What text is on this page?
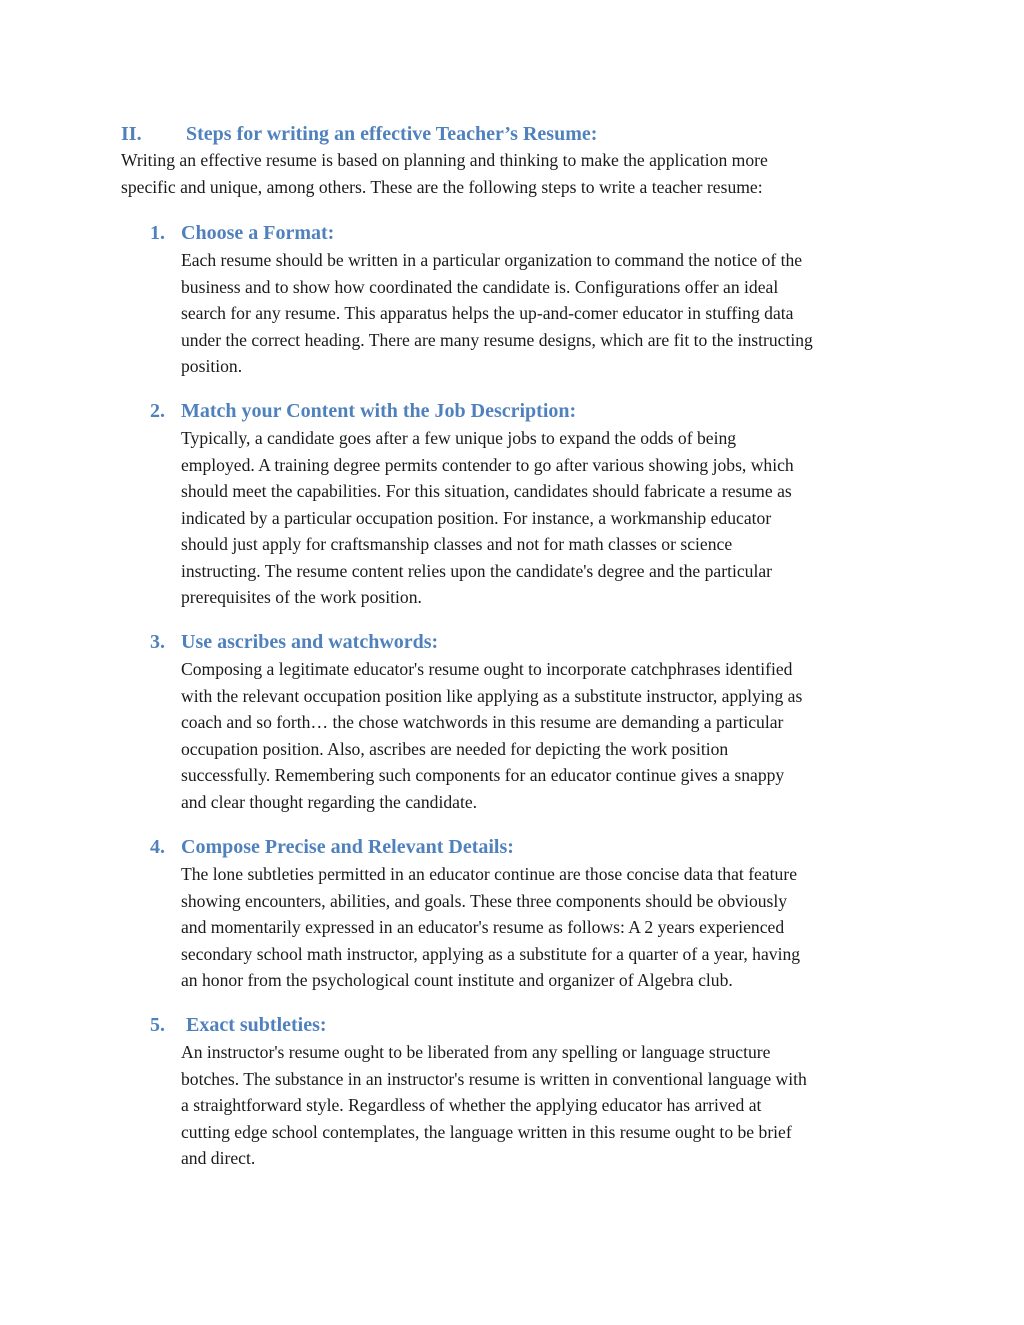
II. Steps for writing an effective Teacher’s Resume:

Writing an effective resume is based on planning and thinking to make the application more

specific and unique, among others. These are the following steps to write a teacher resume:

1. Choose a Format:

Each resume should be written in a particular organization to command the notice of the

business and to show how coordinated the candidate is. Configurations offer an ideal

search for any resume. This apparatus helps the up-and-comer educator in stuffing data

under the correct heading. There are many resume designs, which are fit to the instructing

position.

2. Match your Content with the Job Description:

Typically, a candidate goes after a few unique jobs to expand the odds of being

employed. A training degree permits contender to go after various showing jobs, which

should meet the capabilities. For this situation, candidates should fabricate a resume as

indicated by a particular occupation position. For instance, a workmanship educator

should just apply for craftsmanship classes and not for math classes or science

instructing. The resume content relies upon the candidate's degree and the particular

prerequisites of the work position.

3. Use ascribes and watchwords:

Composing a legitimate educator's resume ought to incorporate catchphrases identified

with the relevant occupation position like applying as a substitute instructor, applying as

coach and so forth… the chose watchwords in this resume are demanding a particular

occupation position. Also, ascribes are needed for depicting the work position

successfully. Remembering such components for an educator continue gives a snappy

and clear thought regarding the candidate.

4. Compose Precise and Relevant Details:

The lone subtleties permitted in an educator continue are those concise data that feature

showing encounters, abilities, and goals. These three components should be obviously

and momentarily expressed in an educator's resume as follows: A 2 years experienced

secondary school math instructor, applying as a substitute for a quarter of a year, having

an honor from the psychological count institute and organizer of Algebra club.

5. Exact subtleties:

An instructor's resume ought to be liberated from any spelling or language structure

botches. The substance in an instructor's resume is written in conventional language with

a straightforward style. Regardless of whether the applying educator has arrived at

cutting edge school contemplates, the language written in this resume ought to be brief

and direct.
